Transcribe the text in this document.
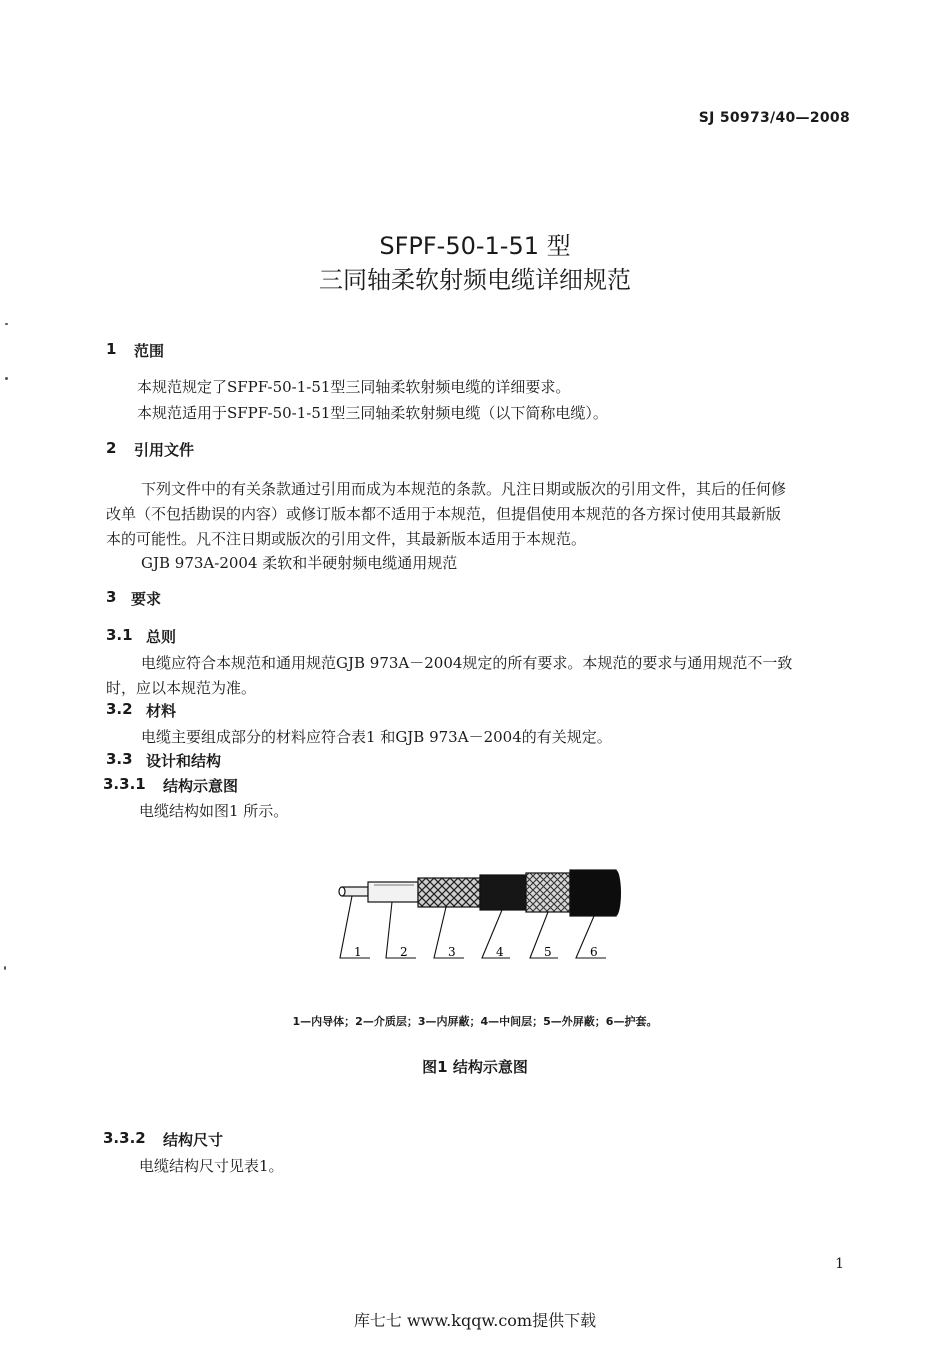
SJ 50973/40—2008
SFPF-50-1-51 型
三同轴柔软射频电缆详细规范
1 范围
本规范规定了SFPF-50-1-51型三同轴柔软射频电缆的详细要求。
本规范适用于SFPF-50-1-51型三同轴柔软射频电缆（以下简称电缆）。
2 引用文件
下列文件中的有关条款通过引用而成为本规范的条款。凡注日期或版次的引用文件，其后的任何修
改单（不包括勘误的内容）或修订版本都不适用于本规范，但提倡使用本规范的各方探讨使用其最新版
本的可能性。凡不注日期或版次的引用文件，其最新版本适用于本规范。
GJB 973A-2004 柔软和半硬射频电缆通用规范
3 要求
3.1 总则
电缆应符合本规范和通用规范GJB 973A－2004规定的所有要求。本规范的要求与通用规范不一致
时，应以本规范为准。
3.2 材料
电缆主要组成部分的材料应符合表1 和GJB 973A－2004的有关规定。
3.3 设计和结构
3.3.1 结构示意图
电缆结构如图1 所示。
1	2	3	4	5	6
1—内导体；2—介质层；3—内屏蔽；4—中间层；5—外屏蔽；6—护套。
图1 结构示意图
3.3.2 结构尺寸
电缆结构尺寸见表1。
1
库七七 www.kqqw.com提供下载
